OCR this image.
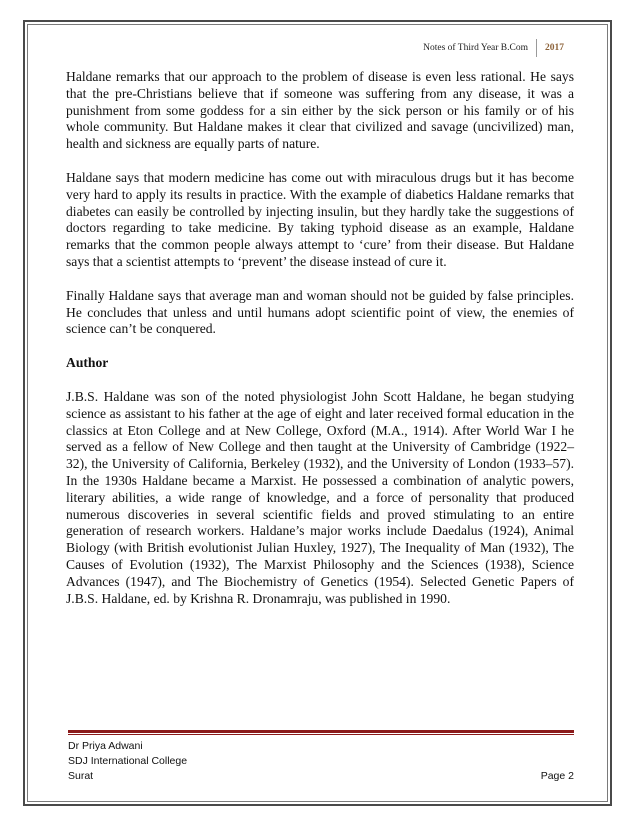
Notes of Third Year B.Com 2017

Haldane remarks that our approach to the problem of disease is even less rational. He says that the pre-Christians believe that if someone was suffering from any disease, it was a punishment from some goddess for a sin either by the sick person or his family or of his whole community. But Haldane makes it clear that civilized and savage (uncivilized) man, health and sickness are equally parts of nature.

Haldane says that modern medicine has come out with miraculous drugs but it has become very hard to apply its results in practice. With the example of diabetics Haldane remarks that diabetes can easily be controlled by injecting insulin, but they hardly take the suggestions of doctors regarding to take medicine. By taking typhoid disease as an example, Haldane remarks that the common people always attempt to ‘cure’ from their disease. But Haldane says that a scientist attempts to ‘prevent’ the disease instead of cure it.

Finally Haldane says that average man and woman should not be guided by false principles. He concludes that unless and until humans adopt scientific point of view, the enemies of science can’t be conquered.

Author

J.B.S. Haldane was son of the noted physiologist John Scott Haldane, he began studying science as assistant to his father at the age of eight and later received formal education in the classics at Eton College and at New College, Oxford (M.A., 1914). After World War I he served as a fellow of New College and then taught at the University of Cambridge (1922–32), the University of California, Berkeley (1932), and the University of London (1933–57). In the 1930s Haldane became a Marxist. He possessed a combination of analytic powers, literary abilities, a wide range of knowledge, and a force of personality that produced numerous discoveries in several scientific fields and proved stimulating to an entire generation of research workers. Haldane’s major works include Daedalus (1924), Animal Biology (with British evolutionist Julian Huxley, 1927), The Inequality of Man (1932), The Causes of Evolution (1932), The Marxist Philosophy and the Sciences (1938), Science Advances (1947), and The Biochemistry of Genetics (1954). Selected Genetic Papers of J.B.S. Haldane, ed. by Krishna R. Dronamraju, was published in 1990.

Dr Priya Adwani
SDJ International College
Surat	Page 2
